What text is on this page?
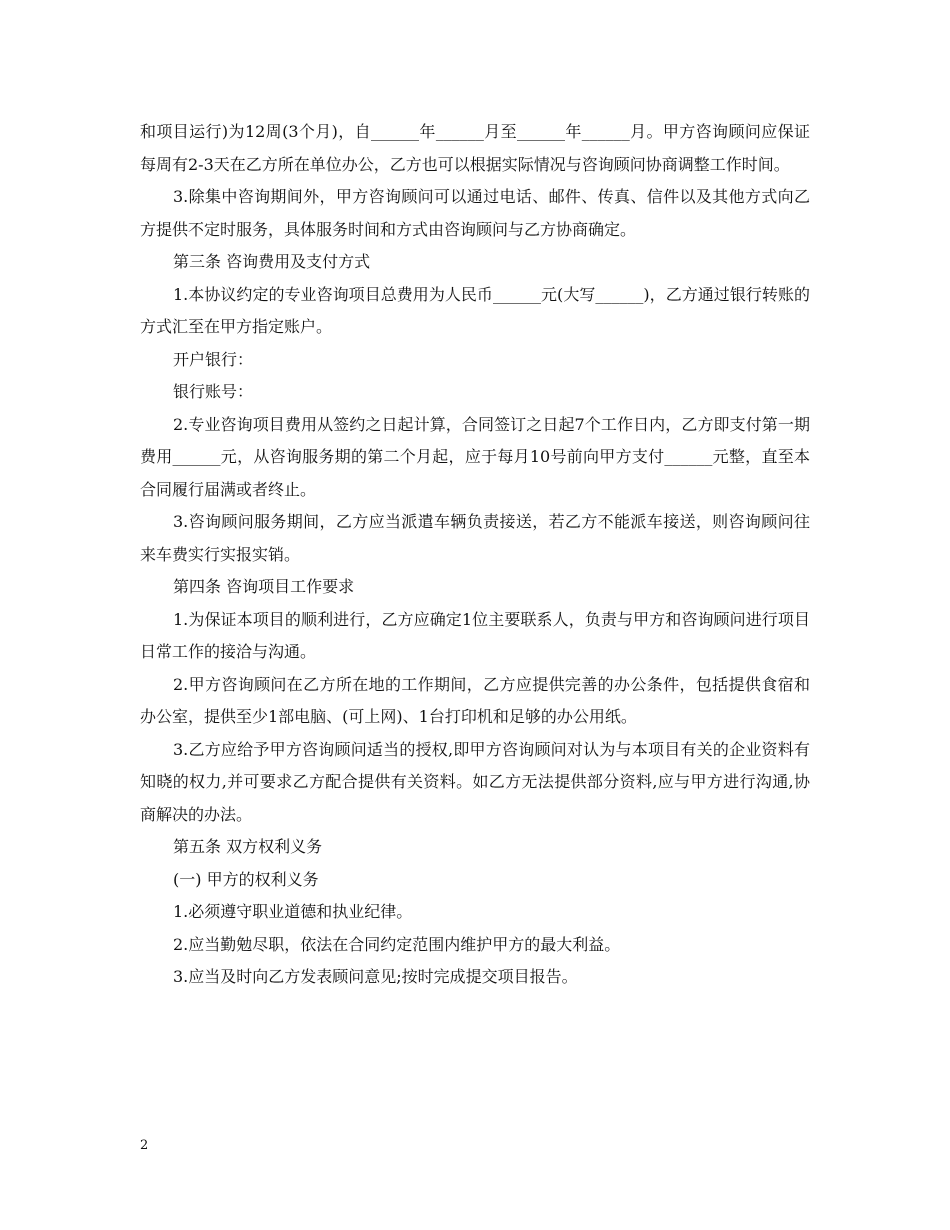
和项目运行)为12周(3个月)，自______年______月至______年______月。甲方咨询顾问应保证每周有2-3天在乙方所在单位办公，乙方也可以根据实际情况与咨询顾问协商调整工作时间。

3.除集中咨询期间外，甲方咨询顾问可以通过电话、邮件、传真、信件以及其他方式向乙方提供不定时服务，具体服务时间和方式由咨询顾问与乙方协商确定。

第三条 咨询费用及支付方式

1.本协议约定的专业咨询项目总费用为人民币______元(大写______)，乙方通过银行转账的方式汇至在甲方指定账户。

开户银行：

银行账号：

2.专业咨询项目费用从签约之日起计算，合同签订之日起7个工作日内，乙方即支付第一期费用______元，从咨询服务期的第二个月起，应于每月10号前向甲方支付______元整，直至本合同履行届满或者终止。

3.咨询顾问服务期间，乙方应当派遣车辆负责接送，若乙方不能派车接送，则咨询顾问往来车费实行实报实销。

第四条 咨询项目工作要求

1.为保证本项目的顺利进行，乙方应确定1位主要联系人，负责与甲方和咨询顾问进行项目日常工作的接洽与沟通。

2.甲方咨询顾问在乙方所在地的工作期间，乙方应提供完善的办公条件，包括提供食宿和办公室，提供至少1部电脑、(可上网)、1台打印机和足够的办公用纸。

3.乙方应给予甲方咨询顾问适当的授权,即甲方咨询顾问对认为与本项目有关的企业资料有知晓的权力,并可要求乙方配合提供有关资料。如乙方无法提供部分资料,应与甲方进行沟通,协商解决的办法。

第五条 双方权利义务

(一) 甲方的权利义务

1.必须遵守职业道德和执业纪律。

2.应当勤勉尽职，依法在合同约定范围内维护甲方的最大利益。

3.应当及时向乙方发表顾问意见;按时完成提交项目报告。

2
